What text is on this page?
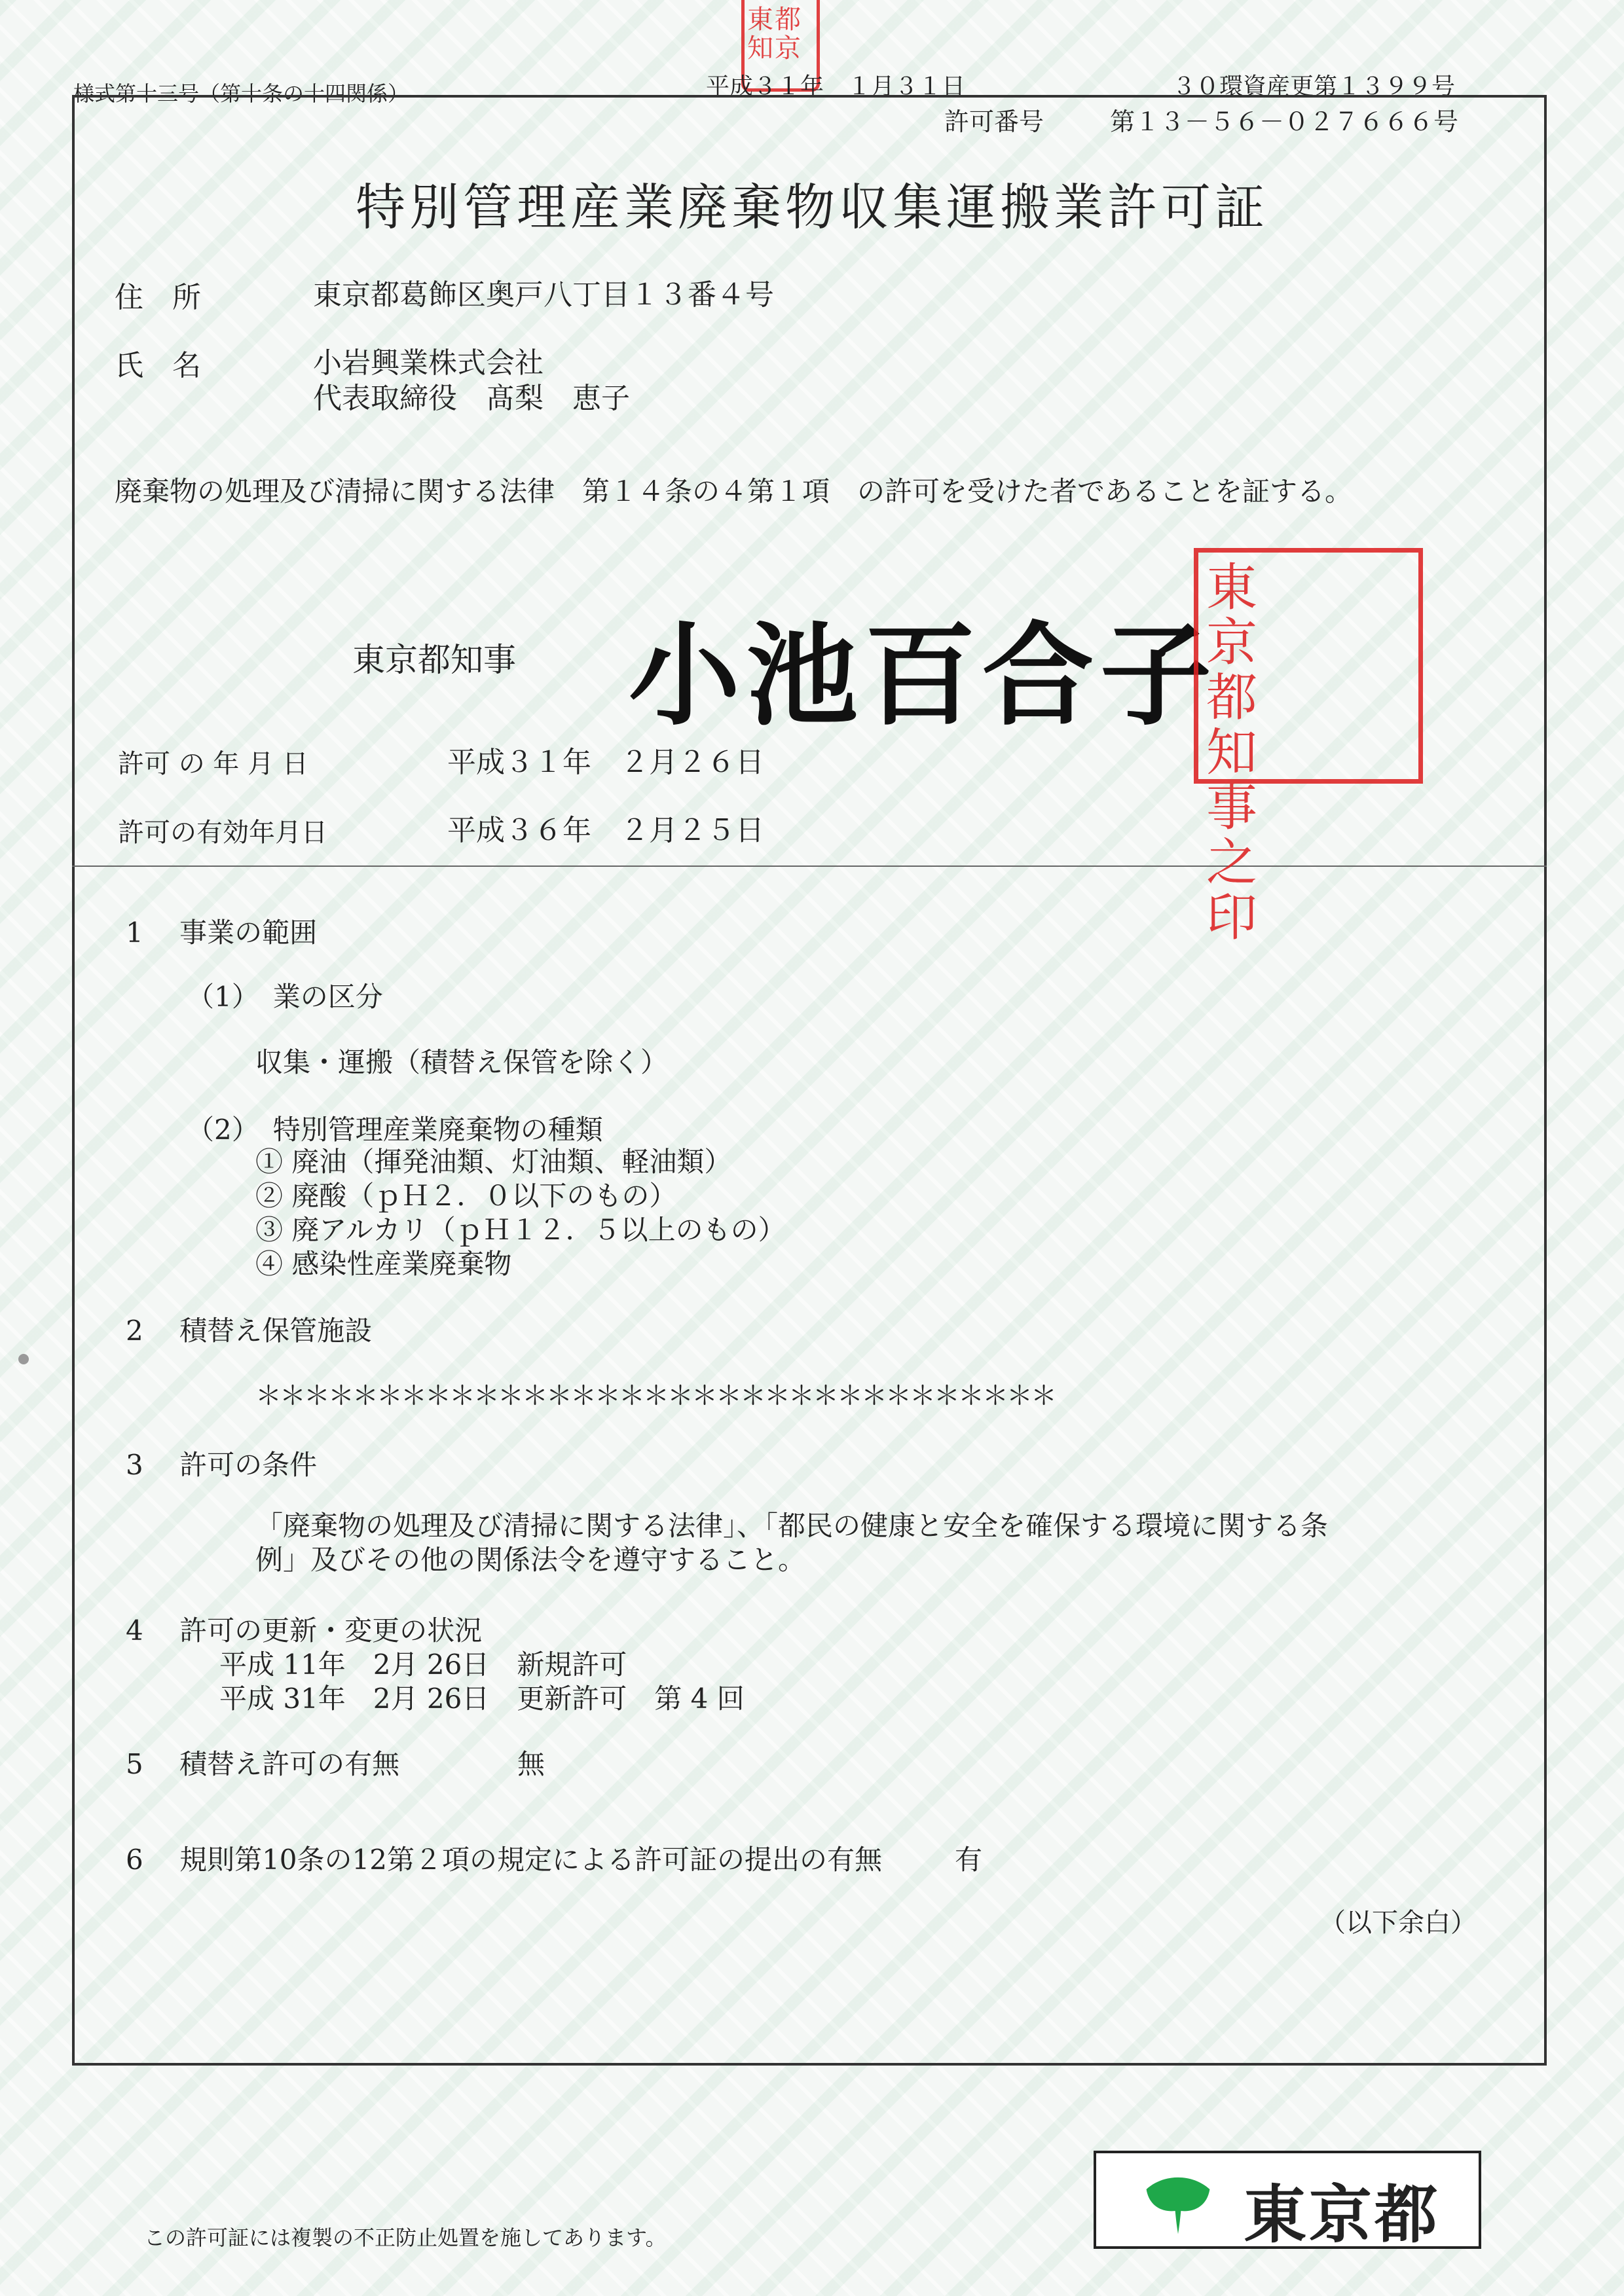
東都知京
様式第十三号（第十条の十四関係）	平成３１年　１月３１日	３０環資産更第１３９９号
許可番号	第１３－５６－０２７６６６号
特別管理産業廃棄物収集運搬業許可証
住　所	東京都葛飾区奥戸八丁目１３番４号
氏　名	小岩興業株式会社
代表取締役　髙梨　恵子
廃棄物の処理及び清掃に関する法律　第１４条の４第１項　の許可を受けた者であることを証する。
東京都知事 小池百合子
東京都知事之印
許可 の 年 月 日	平成３１年　２月２６日
許可の有効年月日	平成３６年　２月２５日
1　 事業の範囲
（1）　業の区分
収集・運搬（積替え保管を除く）
（2）　特別管理産業廃棄物の種類
① 廃油（揮発油類、灯油類、軽油類）
② 廃酸（ｐＨ２．０以下のもの）
③ 廃アルカリ（ｐＨ１２．５以上のもの）
④ 感染性産業廃棄物
2　 積替え保管施設
＊＊＊＊＊＊＊＊＊＊＊＊＊＊＊＊＊＊＊＊＊＊＊＊＊＊＊＊＊＊＊＊＊
3　 許可の条件
「廃棄物の処理及び清掃に関する法律」、「都民の健康と安全を確保する環境に関する条
例」及びその他の関係法令を遵守すること。
4　 許可の更新・変更の状況
平成 11年　2月 26日　新規許可
平成 31年　2月 26日　更新許可　第 4 回
5　 積替え許可の有無	無
6　 規則第10条の12第２項の規定による許可証の提出の有無	有
（以下余白）
この許可証には複製の不正防止処置を施してあります。	東京都
